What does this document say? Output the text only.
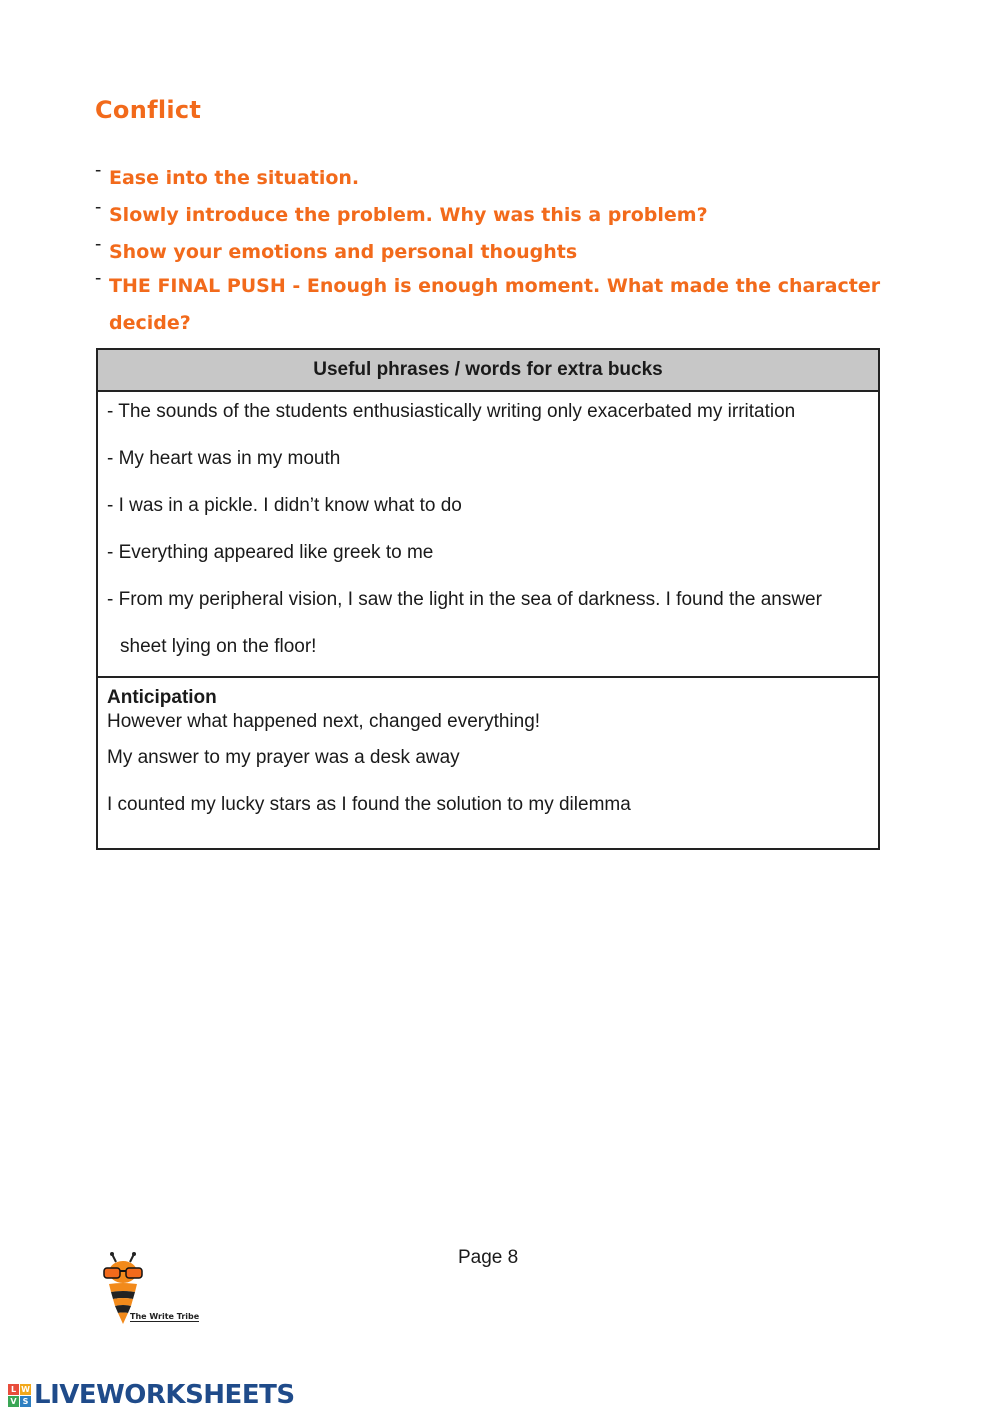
Conflict
- Ease into the situation.
- Slowly introduce the problem. Why was this a problem?
- Show your emotions and personal thoughts
- THE FINAL PUSH - Enough is enough moment. What made the character
decide?
Useful phrases / words for extra bucks
- The sounds of the students enthusiastically writing only exacerbated my irritation
- My heart was in my mouth
- I was in a pickle. I didn’t know what to do
- Everything appeared like greek to me
- From my peripheral vision, I saw the light in the sea of darkness. I found the answer
sheet lying on the floor!
Anticipation
However what happened next, changed everything!
My answer to my prayer was a desk away
I counted my lucky stars as I found the solution to my dilemma
Page 8
The Write Tribe
L W
V S LIVEWORKSHEETS
